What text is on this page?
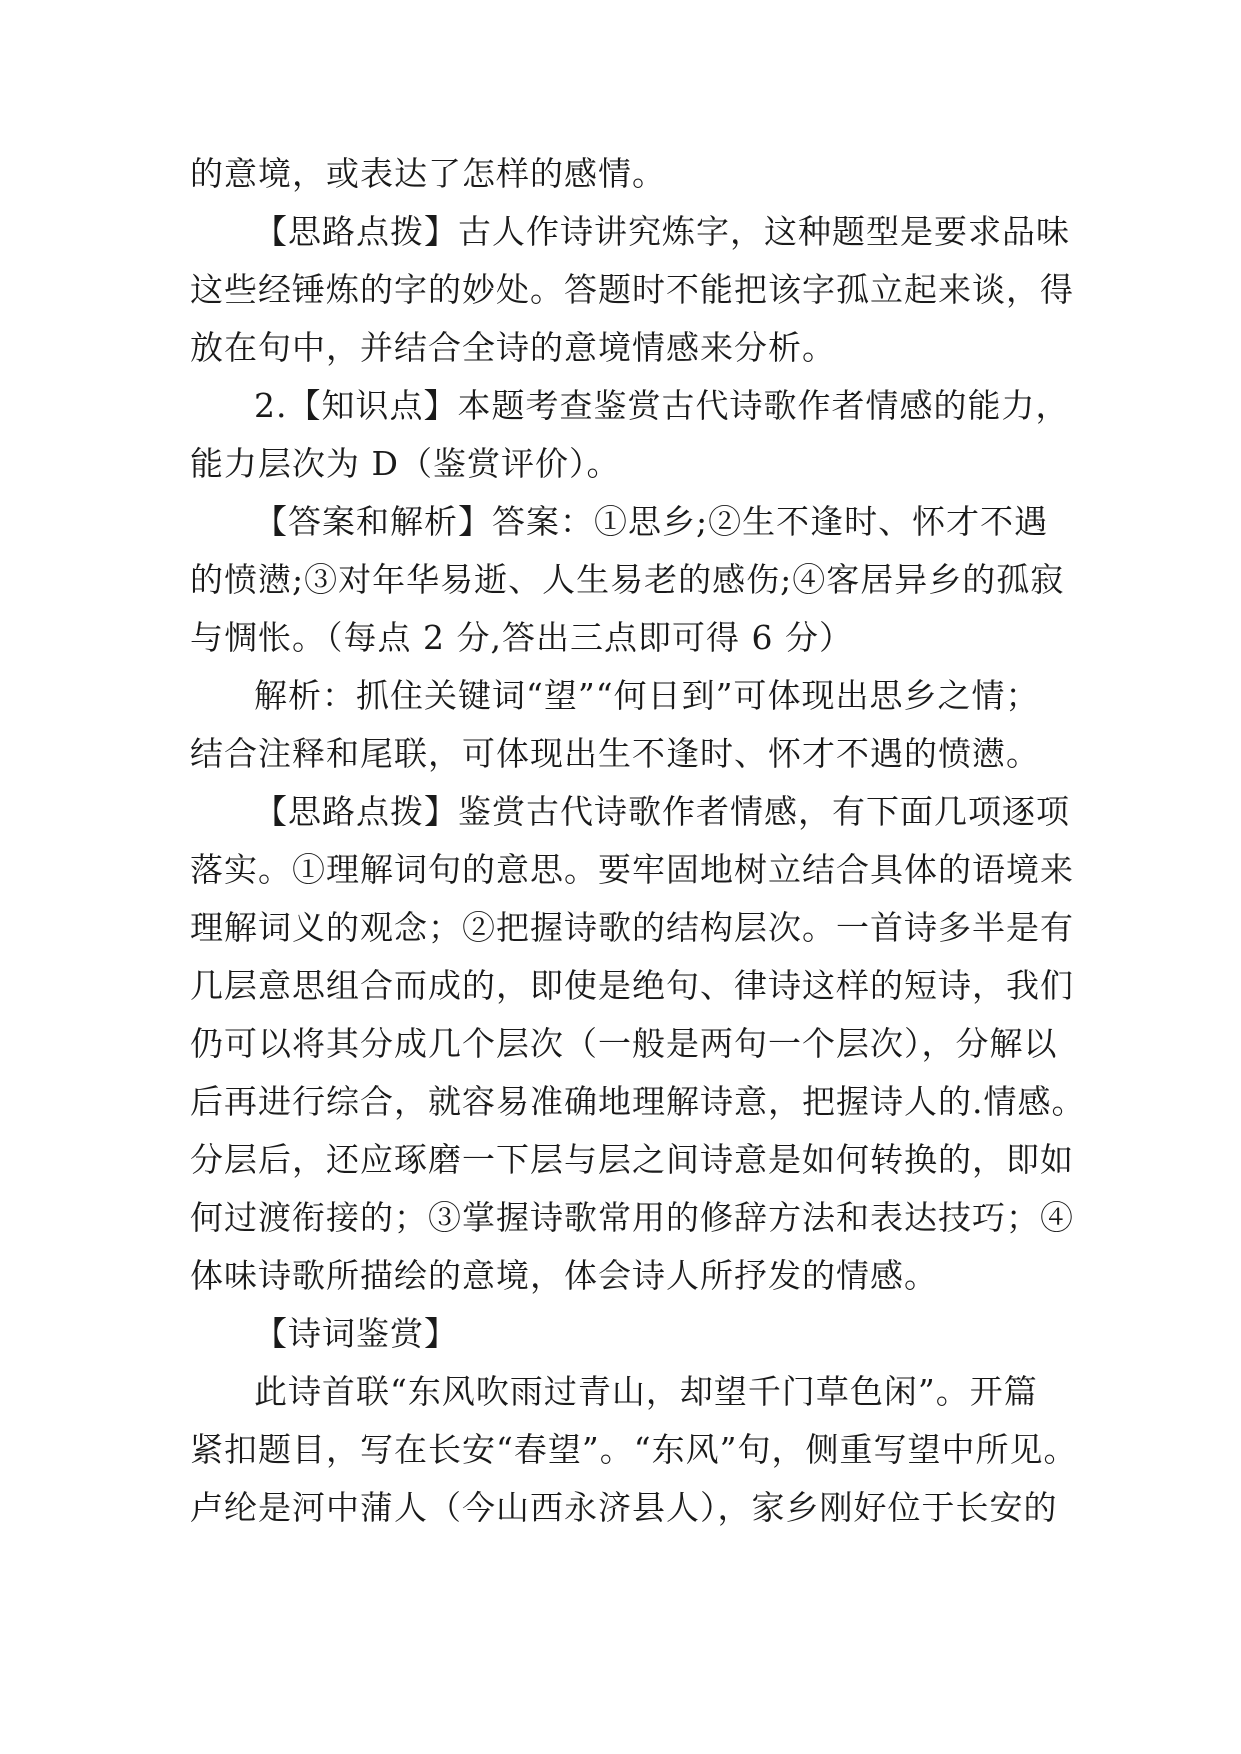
的意境，或表达了怎样的感情。
【思路点拨】古人作诗讲究炼字，这种题型是要求品味
这些经锤炼的字的妙处。答题时不能把该字孤立起来谈，得
放在句中，并结合全诗的意境情感来分析。
2.【知识点】本题考查鉴赏古代诗歌作者情感的能力，
能力层次为 D（鉴赏评价）。
【答案和解析】答案：①思乡;②生不逢时、怀才不遇
的愤懑;③对年华易逝、人生易老的感伤;④客居异乡的孤寂
与惆怅。（每点 2 分,答出三点即可得 6 分）
解析：抓住关键词“望”“何日到”可体现出思乡之情；
结合注释和尾联，可体现出生不逢时、怀才不遇的愤懑。
【思路点拨】鉴赏古代诗歌作者情感，有下面几项逐项
落实。①理解词句的意思。要牢固地树立结合具体的语境来
理解词义的观念；②把握诗歌的结构层次。一首诗多半是有
几层意思组合而成的，即使是绝句、律诗这样的短诗，我们
仍可以将其分成几个层次（一般是两句一个层次），分解以
后再进行综合，就容易准确地理解诗意，把握诗人的.情感。
分层后，还应琢磨一下层与层之间诗意是如何转换的，即如
何过渡衔接的；③掌握诗歌常用的修辞方法和表达技巧；④
体味诗歌所描绘的意境，体会诗人所抒发的情感。
【诗词鉴赏】
此诗首联“东风吹雨过青山，却望千门草色闲”。开篇
紧扣题目，写在长安“春望”。“东风”句，侧重写望中所见。
卢纶是河中蒲人（今山西永济县人），家乡刚好位于长安的
